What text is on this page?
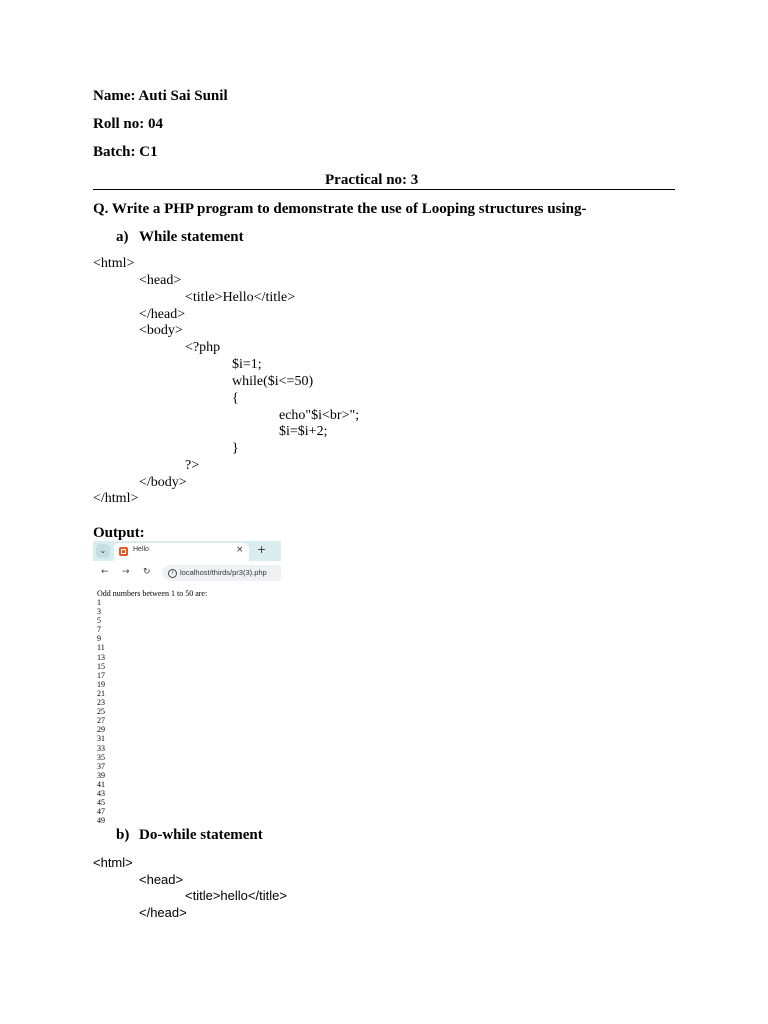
Name: Auti Sai Sunil
Roll no: 04
Batch: C1
Practical no: 3
Q. Write a PHP program to demonstrate the use of Looping structures using-
a) While statement
<html>
<head>
<title>Hello</title>
</head>
<body>
<?php
$i=1;
while($i<=50)
{
echo"$i<br>";
$i=$i+2;
}
?>
</body>
</html>
Output:
⌄	Hello	× +
← → ↻	i localhost/thirds/pr3(3).php
Odd numbers between 1 to 50 are:
1
3
5
7
9
11
13
15
17
19
21
23
25
27
29
31
33
35
37
39
41
43
45
47
49
b) Do-while statement
<html>
<head>
<title>hello</title>
</head>
